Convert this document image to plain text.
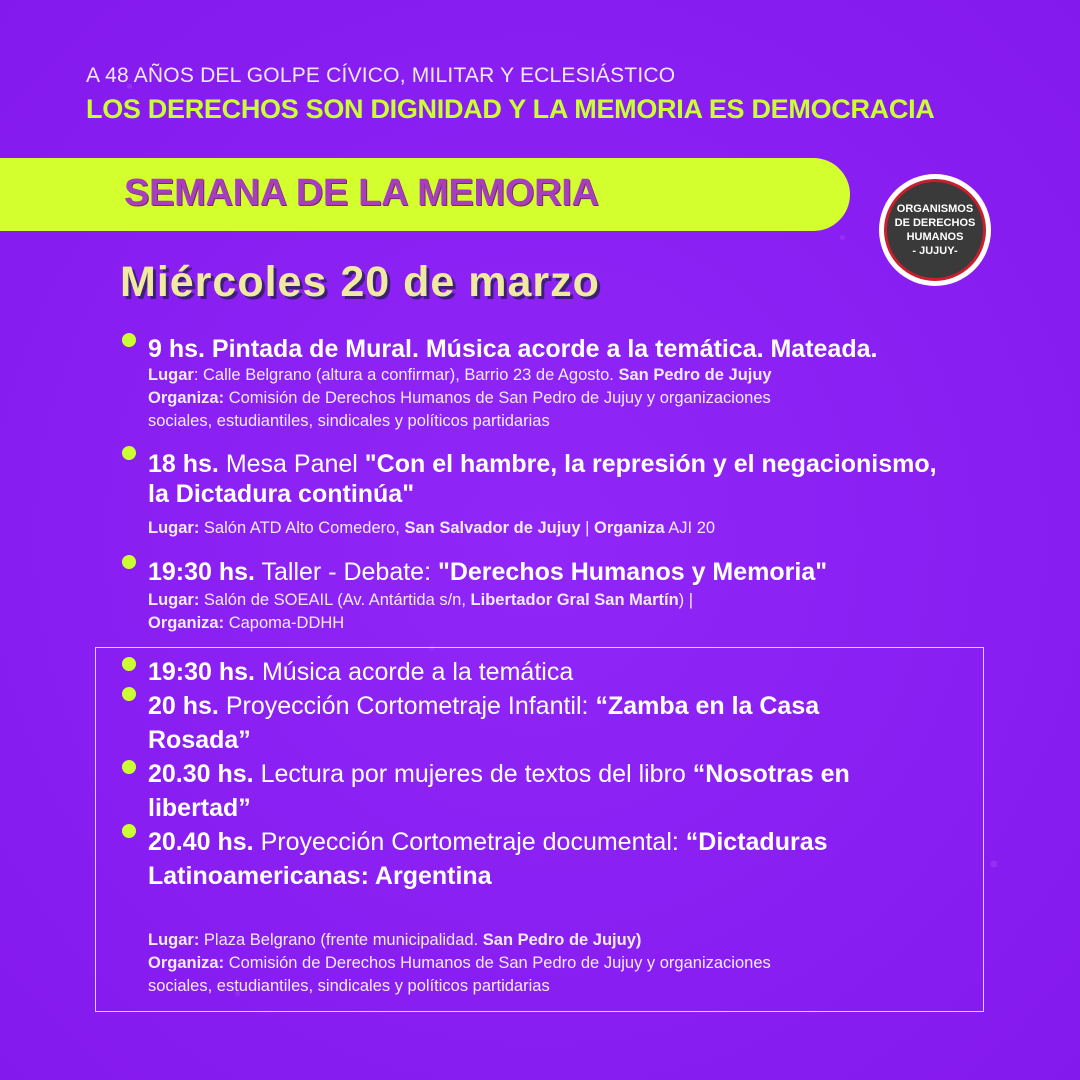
A 48 AÑOS DEL GOLPE CÍVICO, MILITAR Y ECLESIÁSTICO
LOS DERECHOS SON DIGNIDAD Y LA MEMORIA ES DEMOCRACIA
SEMANA DE LA MEMORIA	ORGANISMOS
DE DERECHOS
HUMANOS
- JUJUY-
Miércoles 20 de marzo
9 hs. Pintada de Mural. Música acorde a la temática. Mateada.
Lugar: Calle Belgrano (altura a confirmar), Barrio 23 de Agosto. San Pedro de Jujuy
Organiza: Comisión de Derechos Humanos de San Pedro de Jujuy y organizaciones
sociales, estudiantiles, sindicales y políticos partidarias
18 hs. Mesa Panel "Con el hambre, la represión y el negacionismo,
la Dictadura continúa"
Lugar: Salón ATD Alto Comedero, San Salvador de Jujuy | Organiza AJI 20
19:30 hs. Taller - Debate: "Derechos Humanos y Memoria"
Lugar: Salón de SOEAIL (Av. Antártida s/n, Libertador Gral San Martín) |
Organiza: Capoma-DDHH
19:30 hs. Música acorde a la temática
20 hs. Proyección Cortometraje Infantil: “Zamba en la Casa
Rosada”
20.30 hs. Lectura por mujeres de textos del libro “Nosotras en
libertad”
20.40 hs. Proyección Cortometraje documental: “Dictaduras
Latinoamericanas: Argentina
Lugar: Plaza Belgrano (frente municipalidad. San Pedro de Jujuy)
Organiza: Comisión de Derechos Humanos de San Pedro de Jujuy y organizaciones
sociales, estudiantiles, sindicales y políticos partidarias
